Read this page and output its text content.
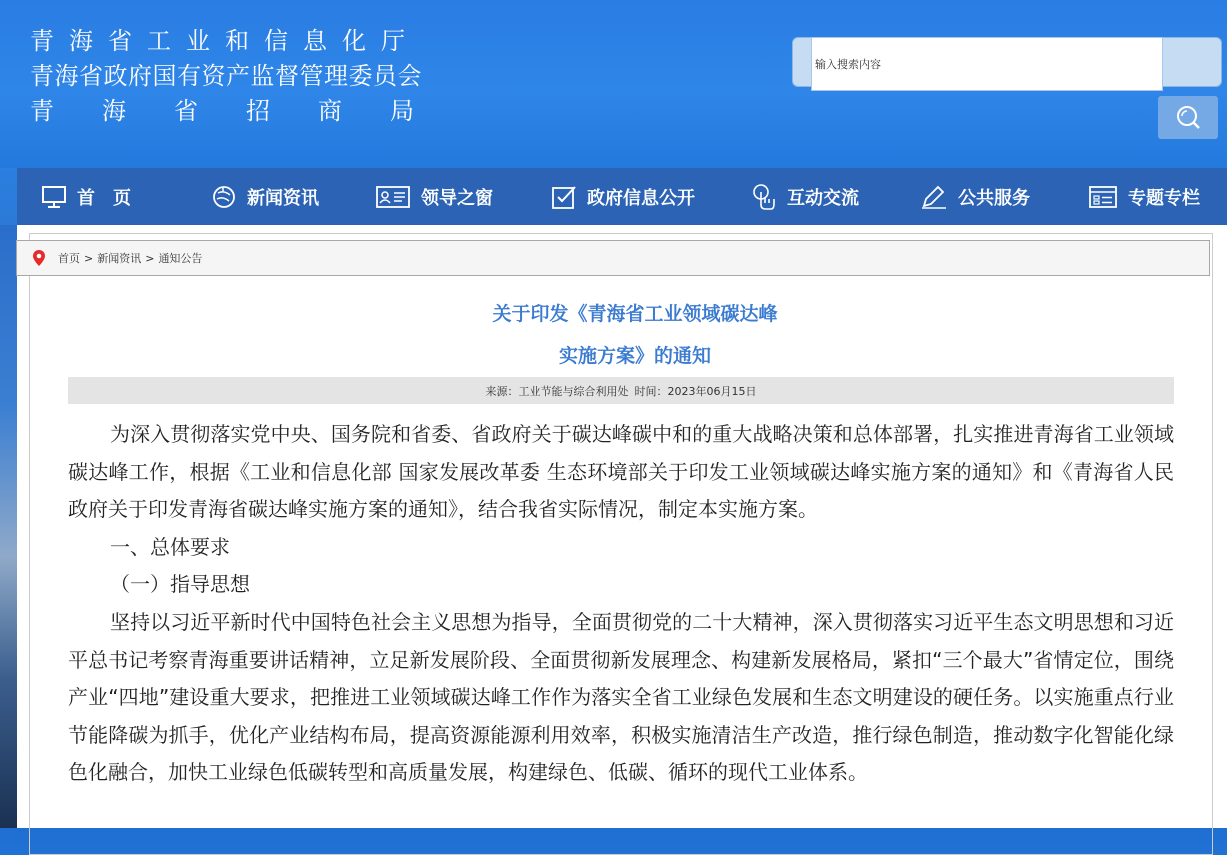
青海省工业和信息化厅
青海省政府国有资产监督管理委员会
青海省招商局
输入搜索内容
首　页	新闻资讯	领导之窗	政府信息公开	互动交流	公共服务	专题专栏
首页 > 新闻资讯 > 通知公告
关于印发《青海省工业领域碳达峰
实施方案》的通知
来源：工业节能与综合利用处 时间：2023年06月15日

为深入贯彻落实党中央、国务院和省委、省政府关于碳达峰碳中和的重大战略决策和总体部署，扎实推进青海省工业领域碳达峰工作，根据《工业和信息化部 国家发展改革委 生态环境部关于印发工业领域碳达峰实施方案的通知》和《青海省人民政府关于印发青海省碳达峰实施方案的通知》，结合我省实际情况，制定本实施方案。

一、总体要求

（一）指导思想

坚持以习近平新时代中国特色社会主义思想为指导，全面贯彻党的二十大精神，深入贯彻落实习近平生态文明思想和习近平总书记考察青海重要讲话精神，立足新发展阶段、全面贯彻新发展理念、构建新发展格局，紧扣“三个最大”省情定位，围绕产业“四地”建设重大要求，把推进工业领域碳达峰工作作为落实全省工业绿色发展和生态文明建设的硬任务。以实施重点行业节能降碳为抓手，优化产业结构布局，提高资源能源利用效率，积极实施清洁生产改造，推行绿色制造，推动数字化智能化绿色化融合，加快工业绿色低碳转型和高质量发展，构建绿色、低碳、循环的现代工业体系。
